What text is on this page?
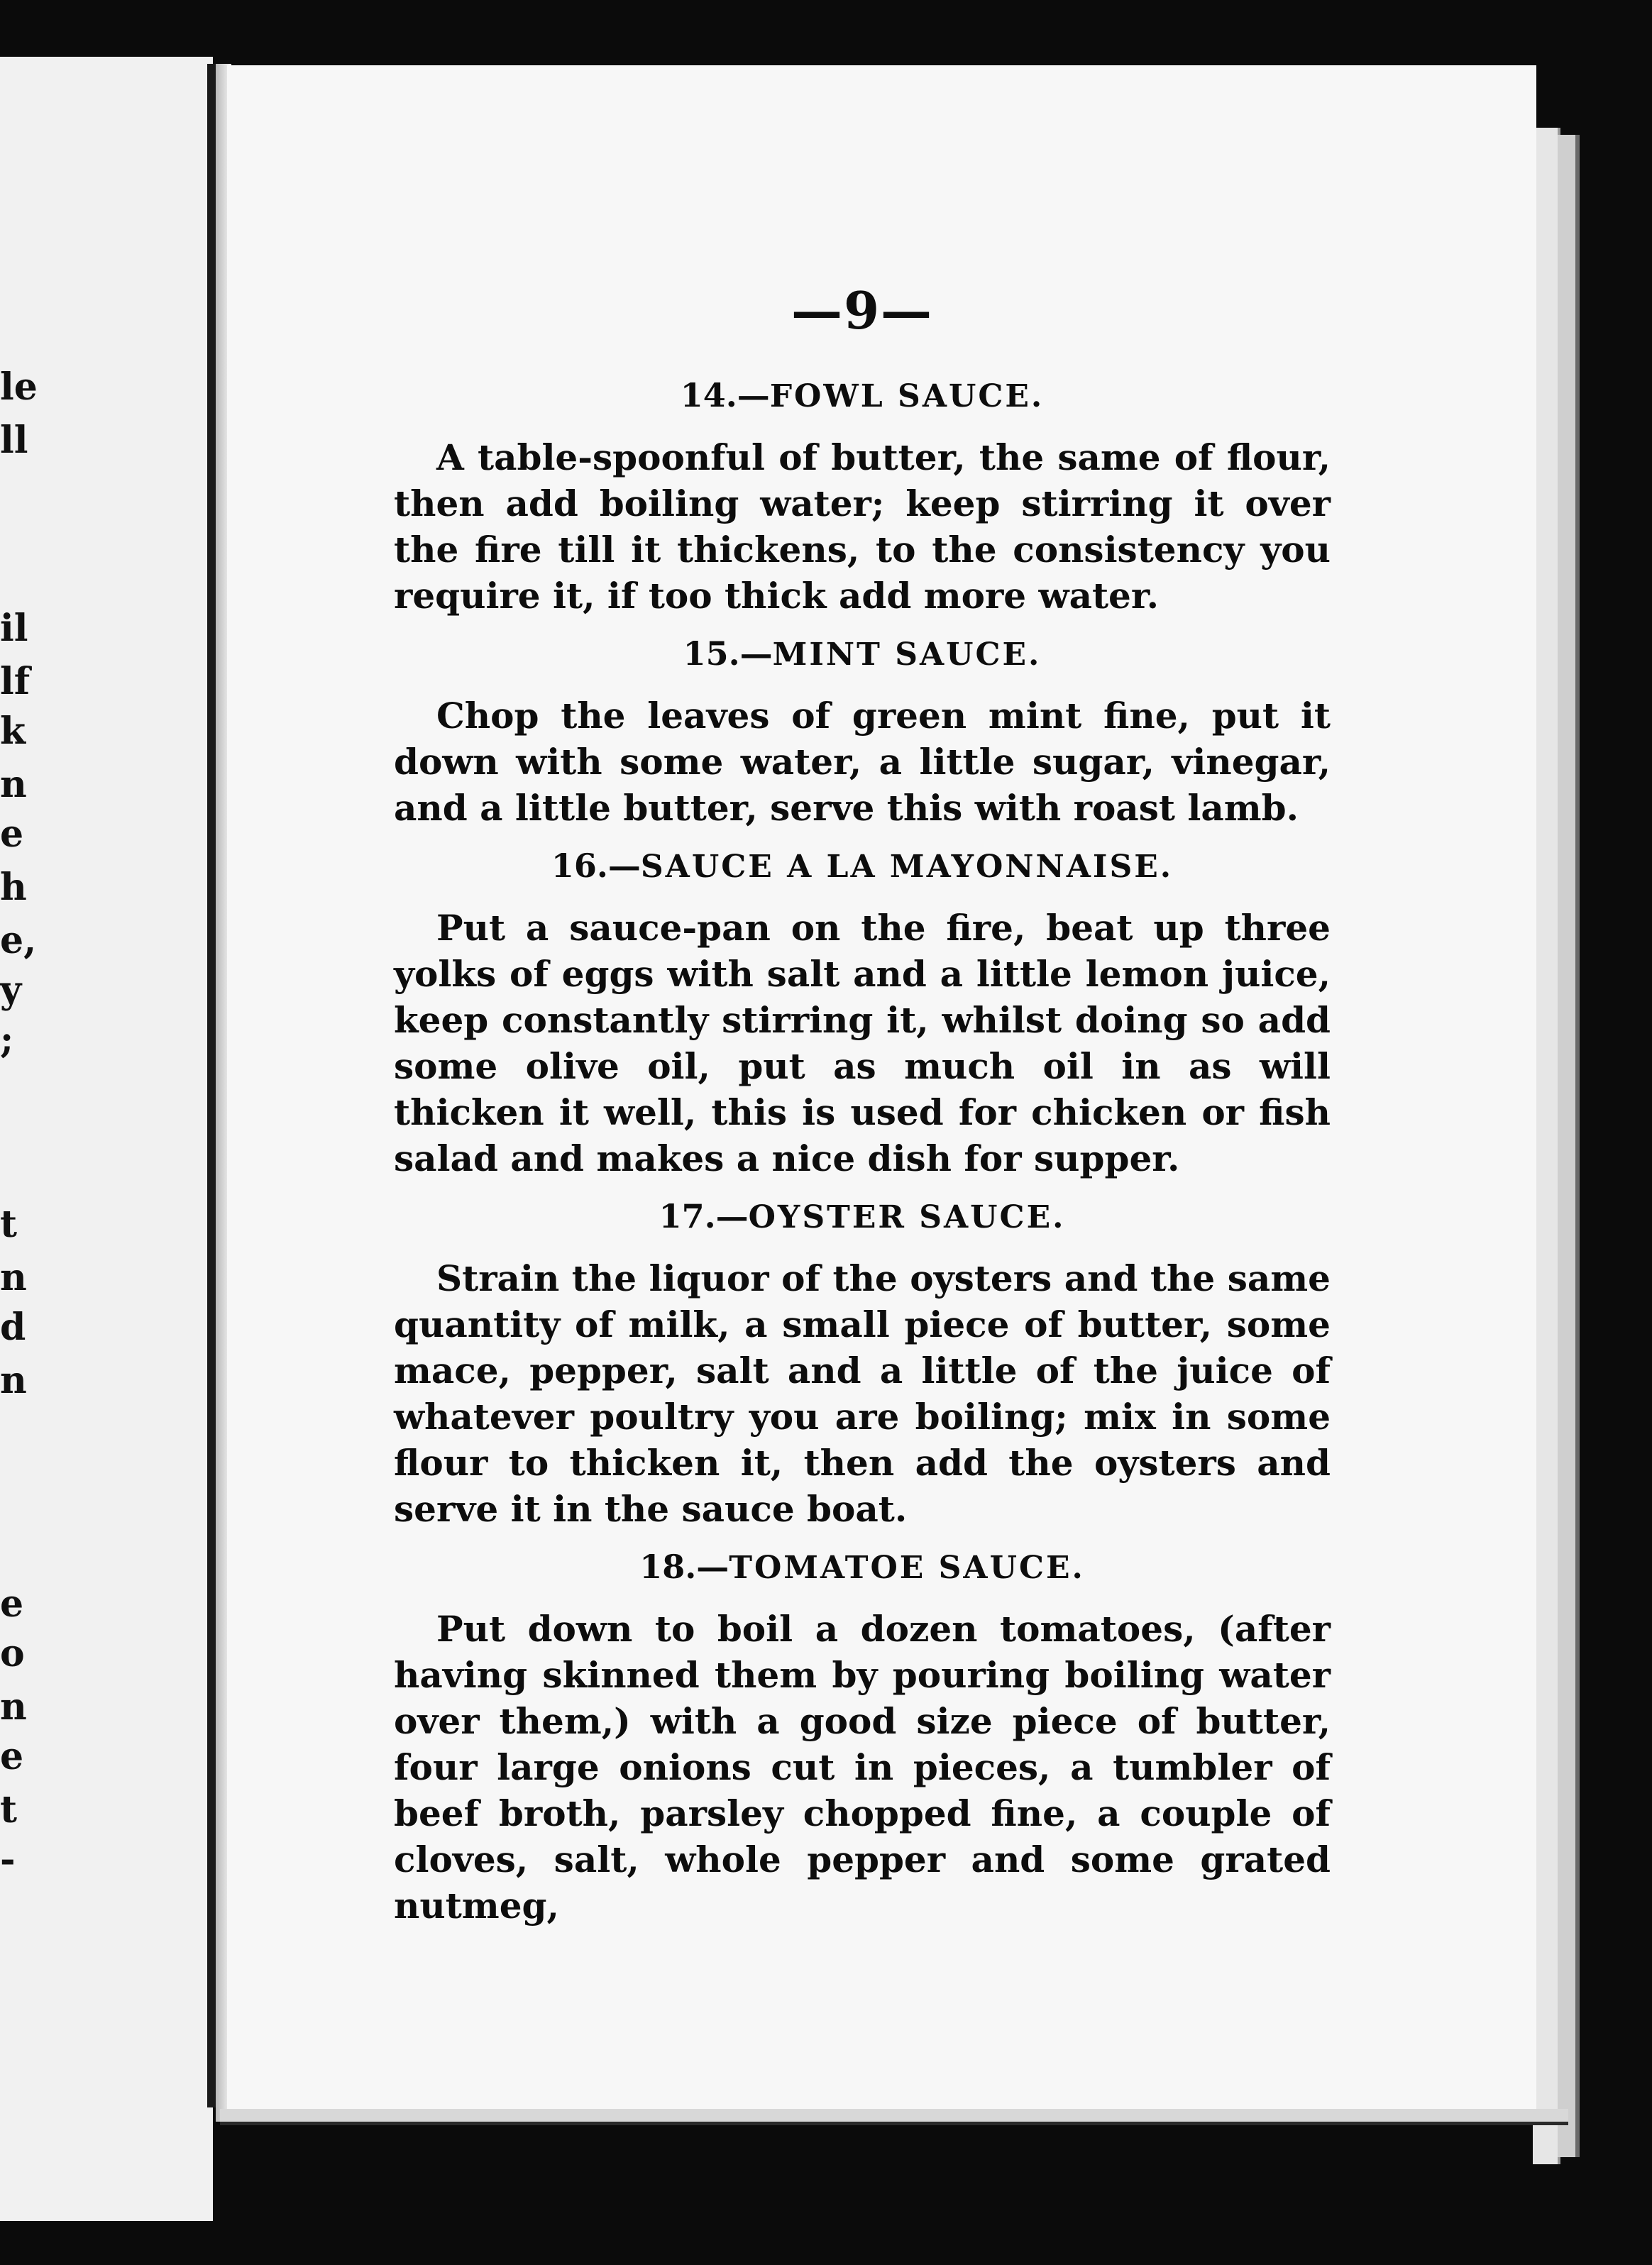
le
ll
il
lf
k
n
e
h
e,
y
;
t
n
d
n
e
o
n
e
t
-
—9—
14.—FOWL SAUCE.

A table-spoonful of butter, the same of flour, then add boiling water; keep stirring it over the fire till it thickens, to the consistency you require it, if too thick add more water.

15.—MINT SAUCE.

Chop the leaves of green mint fine, put it down with some water, a little sugar, vinegar, and a little butter, serve this with roast lamb.

16.—SAUCE A LA MAYONNAISE.

Put a sauce-pan on the fire, beat up three yolks of eggs with salt and a little lemon juice, keep constantly stirring it, whilst doing so add some olive oil, put as much oil in as will thicken it well, this is used for chicken or fish salad and makes a nice dish for supper.

17.—OYSTER SAUCE.

Strain the liquor of the oysters and the same quantity of milk, a small piece of butter, some mace, pepper, salt and a little of the juice of whatever poultry you are boiling; mix in some flour to thicken it, then add the oysters and serve it in the sauce boat.

18.—TOMATOE SAUCE.

Put down to boil a dozen tomatoes, (after having skinned them by pouring boiling water over them,) with a good size piece of butter, four large onions cut in pieces, a tumbler of beef broth, parsley chopped fine, a couple of cloves, salt, whole pepper and some grated nutmeg,
